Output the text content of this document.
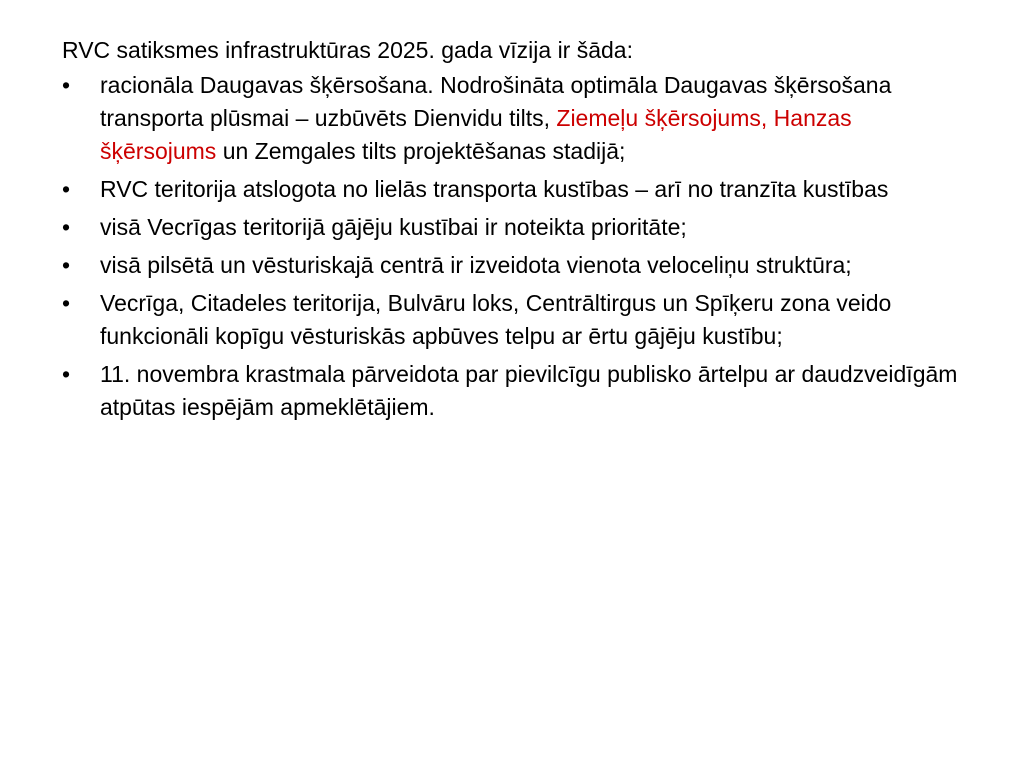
RVC satiksmes infrastruktūras 2025. gada vīzija ir šāda:
• racionāla Daugavas šķērsošana. Nodrošināta optimāla Daugavas šķērsošana transporta plūsmai – uzbūvēts Dienvidu tilts, Ziemeļu šķērsojums, Hanzas šķērsojums un Zemgales tilts projektēšanas stadijā;
• RVC teritorija atslogota no lielās transporta kustības – arī no tranzīta kustības
• visā Vecrīgas teritorijā gājēju kustībai ir noteikta prioritāte;
• visā pilsētā un vēsturiskajā centrā ir izveidota vienota veloceliņu struktūra;
• Vecrīga, Citadeles teritorija, Bulvāru loks, Centrāltirgus un Spīķeru zona veido funkcionāli kopīgu vēsturiskās apbūves telpu ar ērtu gājēju kustību;
• 11. novembra krastmala pārveidota par pievilcīgu publisko ārtelpu ar daudzveidīgām atpūtas iespējām apmeklētājiem.
